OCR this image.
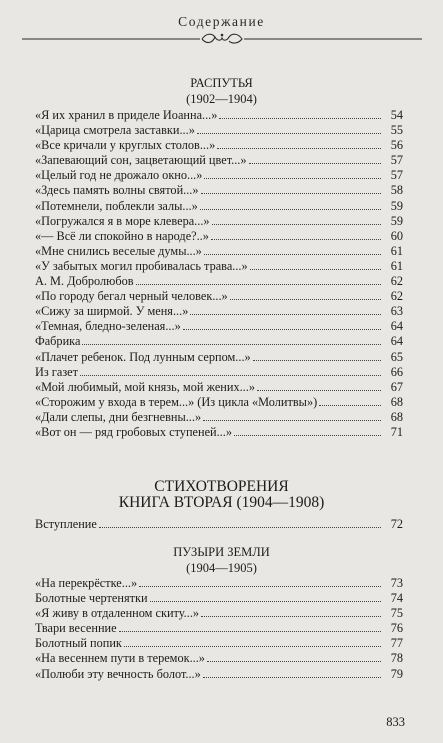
Содержание
РАСПУТЬЯ
(1902—1904)
«Я их хранил в приделе Иоанна...»	54
«Царица смотрела заставки...»	55
«Все кричали у круглых столов...»	56
«Запевающий сон, зацветающий цвет...»	57
«Целый год не дрожало окно...»	57
«Здесь память волны святой...»	58
«Потемнели, поблекли залы...»	59
«Погружался я в море клевера...»	59
«— Всё ли спокойно в народе?..»	60
«Мне снились веселые думы...»	61
«У забытых могил пробивалась трава...»	61
А. М. Добролюбов	62
«По городу бегал черный человек...»	62
«Сижу за ширмой. У меня...»	63
«Темная, бледно-зеленая...»	64
Фабрика	64
«Плачет ребенок. Под лунным серпом...»	65
Из газет	66
«Мой любимый, мой князь, мой жених...»	67
«Сторожим у входа в терем...» (Из цикла «Молитвы»)	68
«Дали слепы, дни безгневны...»	68
«Вот он — ряд гробовых ступеней...»	71
СТИХОТВОРЕНИЯ
КНИГА ВТОРАЯ (1904—1908)
Вступление	72
ПУЗЫРИ ЗЕМЛИ
(1904—1905)
«На перекрёстке...»	73
Болотные чертенятки	74
«Я живу в отдаленном скиту...»	75
Твари весенние	76
Болотный попик	77
«На весеннем пути в теремок...»	78
«Полюби эту вечность болот...»	79
833
